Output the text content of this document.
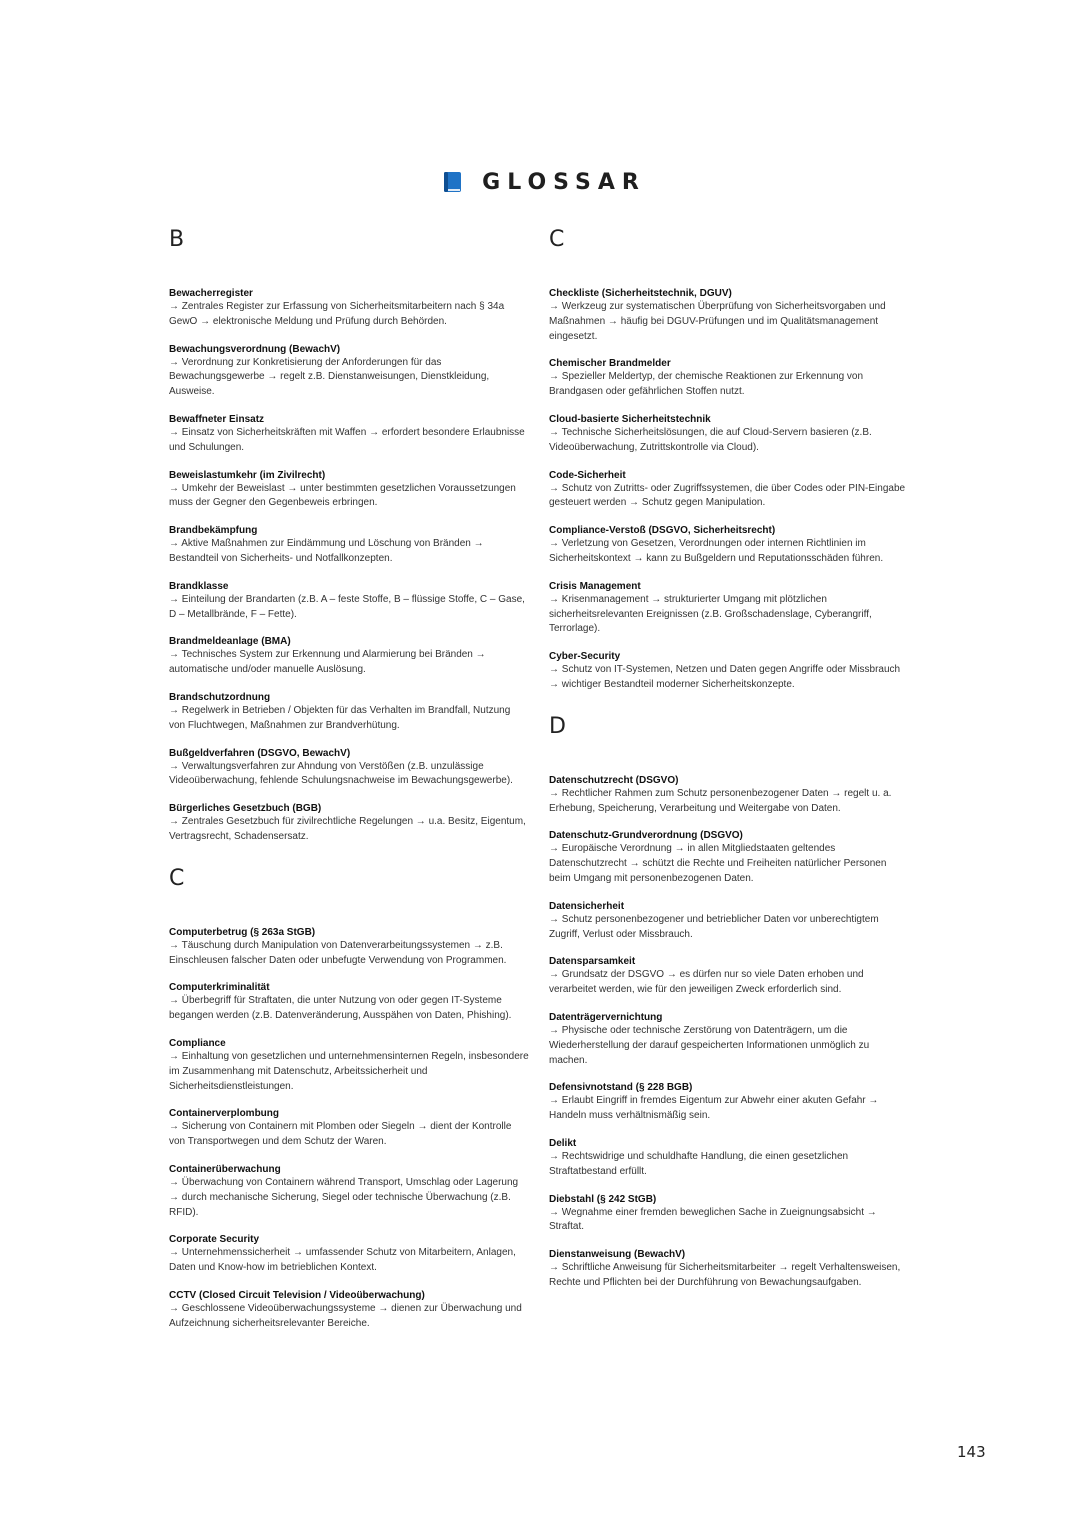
GLOSSAR
B
Bewacherregister
→ Zentrales Register zur Erfassung von Sicherheitsmitarbeitern nach § 34a GewO → elektronische Meldung und Prüfung durch Behörden.
Bewachungsverordnung (BewachV)
→ Verordnung zur Konkretisierung der Anforderungen für das Bewachungsgewerbe → regelt z.B. Dienstanweisungen, Dienstkleidung, Ausweise.
Bewaffneter Einsatz
→ Einsatz von Sicherheitskräften mit Waffen → erfordert besondere Erlaubnisse und Schulungen.
Beweislastumkehr (im Zivilrecht)
→ Umkehr der Beweislast → unter bestimmten gesetzlichen Voraussetzungen muss der Gegner den Gegenbeweis erbringen.
Brandbekämpfung
→ Aktive Maßnahmen zur Eindämmung und Löschung von Bränden → Bestandteil von Sicherheits- und Notfallkonzepten.
Brandklasse
→ Einteilung der Brandarten (z.B. A – feste Stoffe, B – flüssige Stoffe, C – Gase, D – Metallbrände, F – Fette).
Brandmeldeanlage (BMA)
→ Technisches System zur Erkennung und Alarmierung bei Bränden → automatische und/oder manuelle Auslösung.
Brandschutzordnung
→ Regelwerk in Betrieben / Objekten für das Verhalten im Brandfall, Nutzung von Fluchtwegen, Maßnahmen zur Brandverhütung.
Bußgeldverfahren (DSGVO, BewachV)
→ Verwaltungsverfahren zur Ahndung von Verstößen (z.B. unzulässige Videoüberwachung, fehlende Schulungsnachweise im Bewachungsgewerbe).
Bürgerliches Gesetzbuch (BGB)
→ Zentrales Gesetzbuch für zivilrechtliche Regelungen → u.a. Besitz, Eigentum, Vertragsrecht, Schadensersatz.
C
Computerbetrug (§ 263a StGB)
→ Täuschung durch Manipulation von Datenverarbeitungssystemen → z.B. Einschleusen falscher Daten oder unbefugte Verwendung von Programmen.
Computerkriminalität
→ Überbegriff für Straftaten, die unter Nutzung von oder gegen IT-Systeme begangen werden (z.B. Datenveränderung, Ausspähen von Daten, Phishing).
Compliance
→ Einhaltung von gesetzlichen und unternehmensinternen Regeln, insbesondere im Zusammenhang mit Datenschutz, Arbeitssicherheit und Sicherheitsdienstleistungen.
Containerverplombung
→ Sicherung von Containern mit Plomben oder Siegeln → dient der Kontrolle von Transportwegen und dem Schutz der Waren.
Containerüberwachung
→ Überwachung von Containern während Transport, Umschlag oder Lagerung → durch mechanische Sicherung, Siegel oder technische Überwachung (z.B. RFID).
Corporate Security
→ Unternehmenssicherheit → umfassender Schutz von Mitarbeitern, Anlagen, Daten und Know-how im betrieblichen Kontext.
CCTV (Closed Circuit Television / Videoüberwachung)
→ Geschlossene Videoüberwachungssysteme → dienen zur Überwachung und Aufzeichnung sicherheitsrelevanter Bereiche.
C
Checkliste (Sicherheitstechnik, DGUV)
→ Werkzeug zur systematischen Überprüfung von Sicherheitsvorgaben und Maßnahmen → häufig bei DGUV-Prüfungen und im Qualitätsmanagement eingesetzt.
Chemischer Brandmelder
→ Spezieller Meldertyp, der chemische Reaktionen zur Erkennung von Brandgasen oder gefährlichen Stoffen nutzt.
Cloud-basierte Sicherheitstechnik
→ Technische Sicherheitslösungen, die auf Cloud-Servern basieren (z.B. Videoüberwachung, Zutrittskontrolle via Cloud).
Code-Sicherheit
→ Schutz von Zutritts- oder Zugriffssystemen, die über Codes oder PIN-Eingabe gesteuert werden → Schutz gegen Manipulation.
Compliance-Verstoß (DSGVO, Sicherheitsrecht)
→ Verletzung von Gesetzen, Verordnungen oder internen Richtlinien im Sicherheitskontext → kann zu Bußgeldern und Reputationsschäden führen.
Crisis Management
→ Krisenmanagement → strukturierter Umgang mit plötzlichen sicherheitsrelevanten Ereignissen (z.B. Großschadenslage, Cyberangriff, Terrorlage).
Cyber-Security
→ Schutz von IT-Systemen, Netzen und Daten gegen Angriffe oder Missbrauch → wichtiger Bestandteil moderner Sicherheitskonzepte.
D
Datenschutzrecht (DSGVO)
→ Rechtlicher Rahmen zum Schutz personenbezogener Daten → regelt u. a. Erhebung, Speicherung, Verarbeitung und Weitergabe von Daten.
Datenschutz-Grundverordnung (DSGVO)
→ Europäische Verordnung → in allen Mitgliedstaaten geltendes Datenschutzrecht → schützt die Rechte und Freiheiten natürlicher Personen beim Umgang mit personenbezogenen Daten.
Datensicherheit
→ Schutz personenbezogener und betrieblicher Daten vor unberechtigtem Zugriff, Verlust oder Missbrauch.
Datensparsamkeit
→ Grundsatz der DSGVO → es dürfen nur so viele Daten erhoben und verarbeitet werden, wie für den jeweiligen Zweck erforderlich sind.
Datenträgervernichtung
→ Physische oder technische Zerstörung von Datenträgern, um die Wiederherstellung der darauf gespeicherten Informationen unmöglich zu machen.
Defensivnotstand (§ 228 BGB)
→ Erlaubt Eingriff in fremdes Eigentum zur Abwehr einer akuten Gefahr → Handeln muss verhältnismäßig sein.
Delikt
→ Rechtswidrige und schuldhafte Handlung, die einen gesetzlichen Straftatbestand erfüllt.
Diebstahl (§ 242 StGB)
→ Wegnahme einer fremden beweglichen Sache in Zueignungsabsicht → Straftat.
Dienstanweisung (BewachV)
→ Schriftliche Anweisung für Sicherheitsmitarbeiter → regelt Verhaltensweisen, Rechte und Pflichten bei der Durchführung von Bewachungsaufgaben.
143
